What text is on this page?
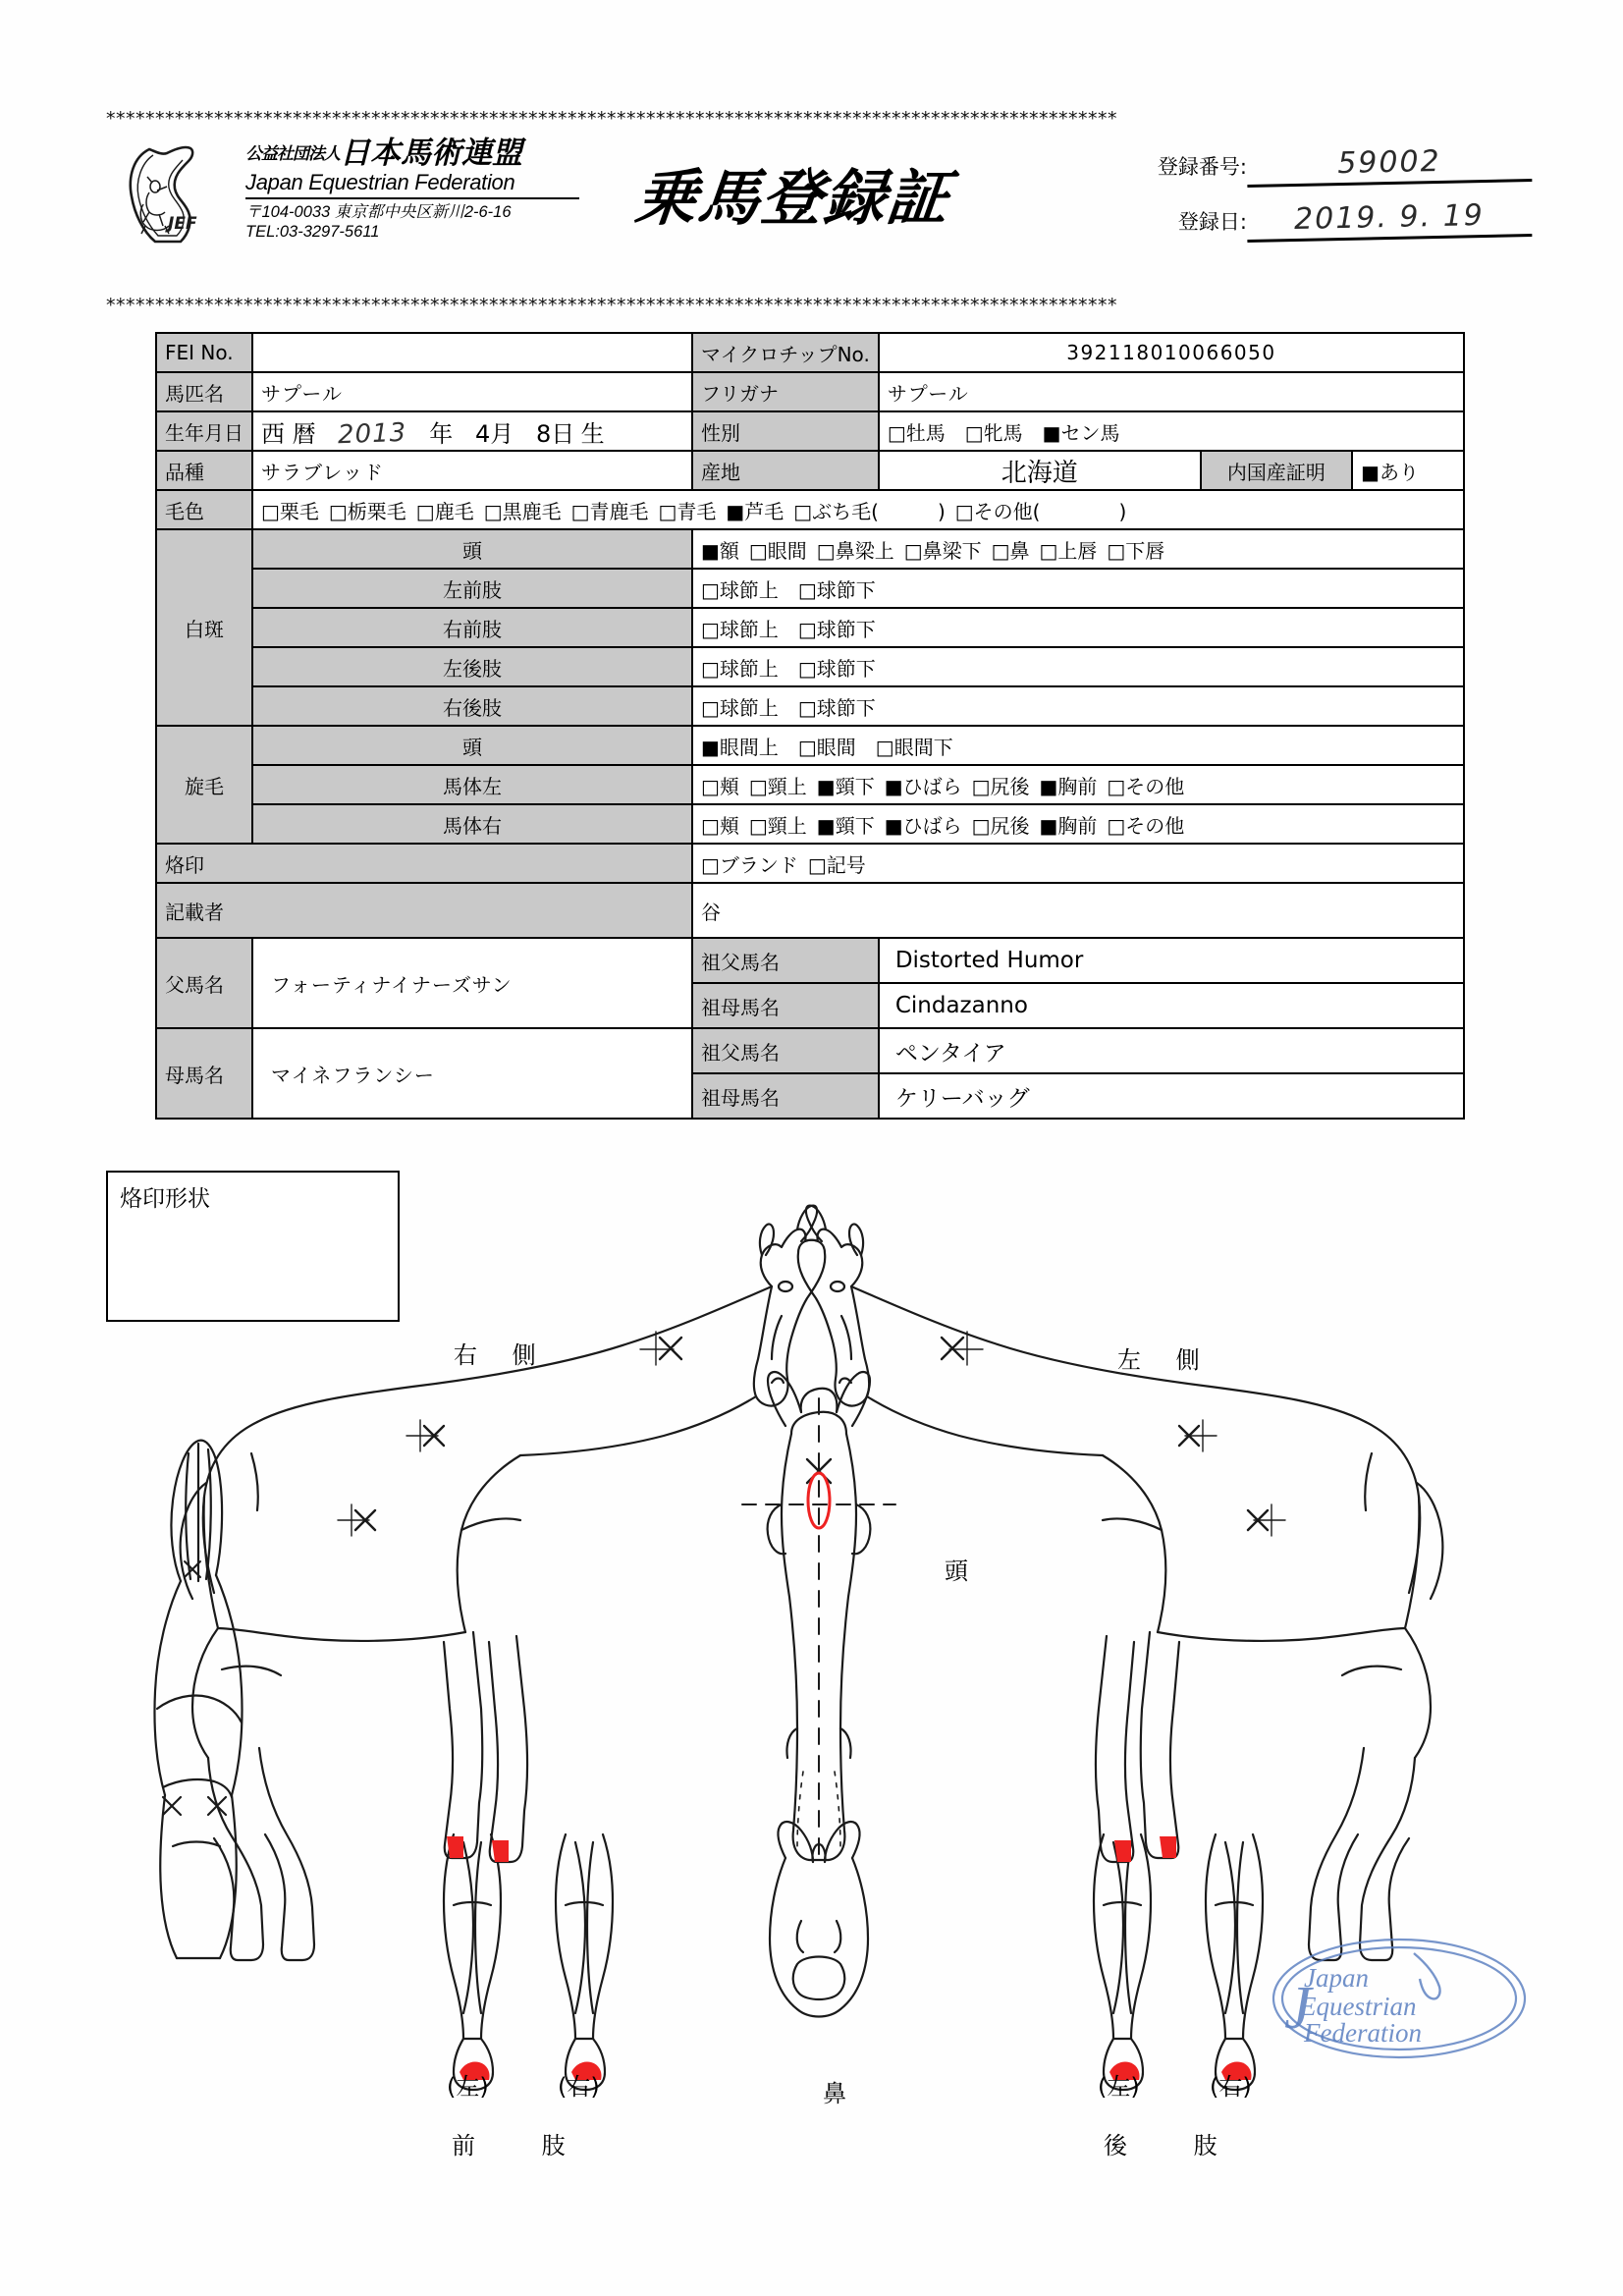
*******************************************************************************************************
JEF
公益社団法人日本馬術連盟
Japan Equestrian Federation
〒104-0033 東京都中央区新川2-6-16
TEL:03-3297-5611	乗馬登録証	登録番号:	59002
登録日:	2019. 9. 19
*******************************************************************************************************
FEI No.		マイクロチップNo.	392118010066050
馬匹名	サプール	フリガナ	サプール
生年月日	西 暦 2013 年 4月 8日 生	性別	□牡馬 □牝馬 ■セン馬
品種	サラブレッド	産地		北海道	内国産証明	■あり

毛色	□栗毛 □栃栗毛 □鹿毛 □黒鹿毛 □青鹿毛 □青毛 ■芦毛 □ぶち毛(　　　) □その他(　　　　)
白斑	頭	■額 □眼間 □鼻梁上 □鼻梁下 □鼻 □上唇 □下唇
左前肢	□球節上 □球節下
右前肢	□球節上 □球節下
左後肢	□球節上 □球節下
右後肢	□球節上 □球節下
旋毛	頭	■眼間上 □眼間 □眼間下
馬体左	□頬 □頸上 ■頸下 ■ひばら □尻後 ■胸前 □その他
馬体右	□頬 □頸上 ■頸下 ■ひばら □尻後 ■胸前 □その他
烙印	□ブランド □記号
記載者	谷
父馬名	フォーティナイナーズサン	祖父馬名	Distorted Humor
祖母馬名	Cindazanno
母馬名	マイネフランシー	祖父馬名	ペンタイア
祖母馬名	ケリーバッグ
烙印形状
右 側	左 側
頭
鼻
(左)	(右)
前 肢
(左)	(右)
後 肢
Japan
Equestrian
Federation
J
